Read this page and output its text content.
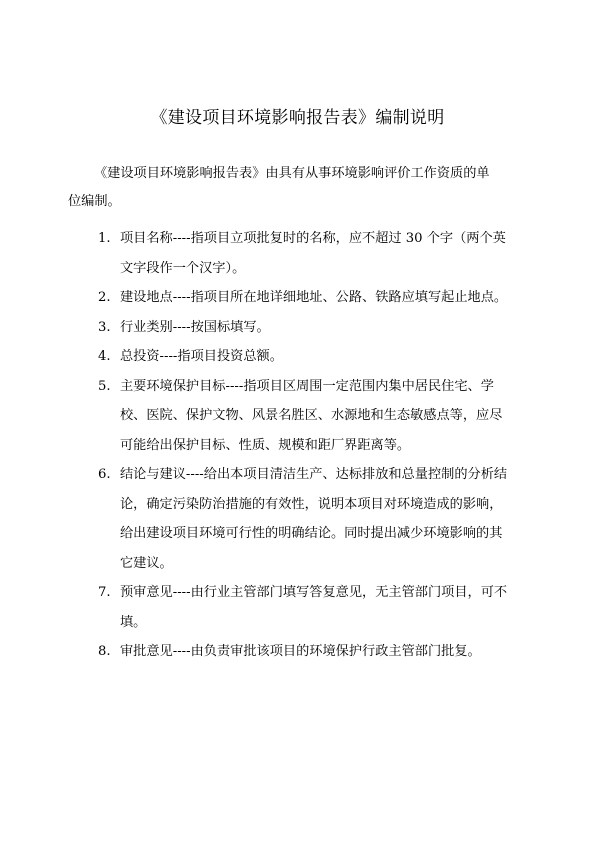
《建设项目环境影响报告表》编制说明
《建设项目环境影响报告表》由具有从事环境影响评价工作资质的单
位编制。
1. 项目名称----指项目立项批复时的名称，应不超过 30 个字（两个英
文字段作一个汉字）。
2. 建设地点----指项目所在地详细地址、公路、铁路应填写起止地点。
3. 行业类别----按国标填写。
4. 总投资----指项目投资总额。
5. 主要环境保护目标----指项目区周围一定范围内集中居民住宅、学
校、医院、保护文物、风景名胜区、水源地和生态敏感点等，应尽
可能给出保护目标、性质、规模和距厂界距离等。
6. 结论与建议----给出本项目清洁生产、达标排放和总量控制的分析结
论，确定污染防治措施的有效性，说明本项目对环境造成的影响，
给出建设项目环境可行性的明确结论。同时提出减少环境影响的其
它建议。
7. 预审意见----由行业主管部门填写答复意见，无主管部门项目，可不
填。
8. 审批意见----由负责审批该项目的环境保护行政主管部门批复。
